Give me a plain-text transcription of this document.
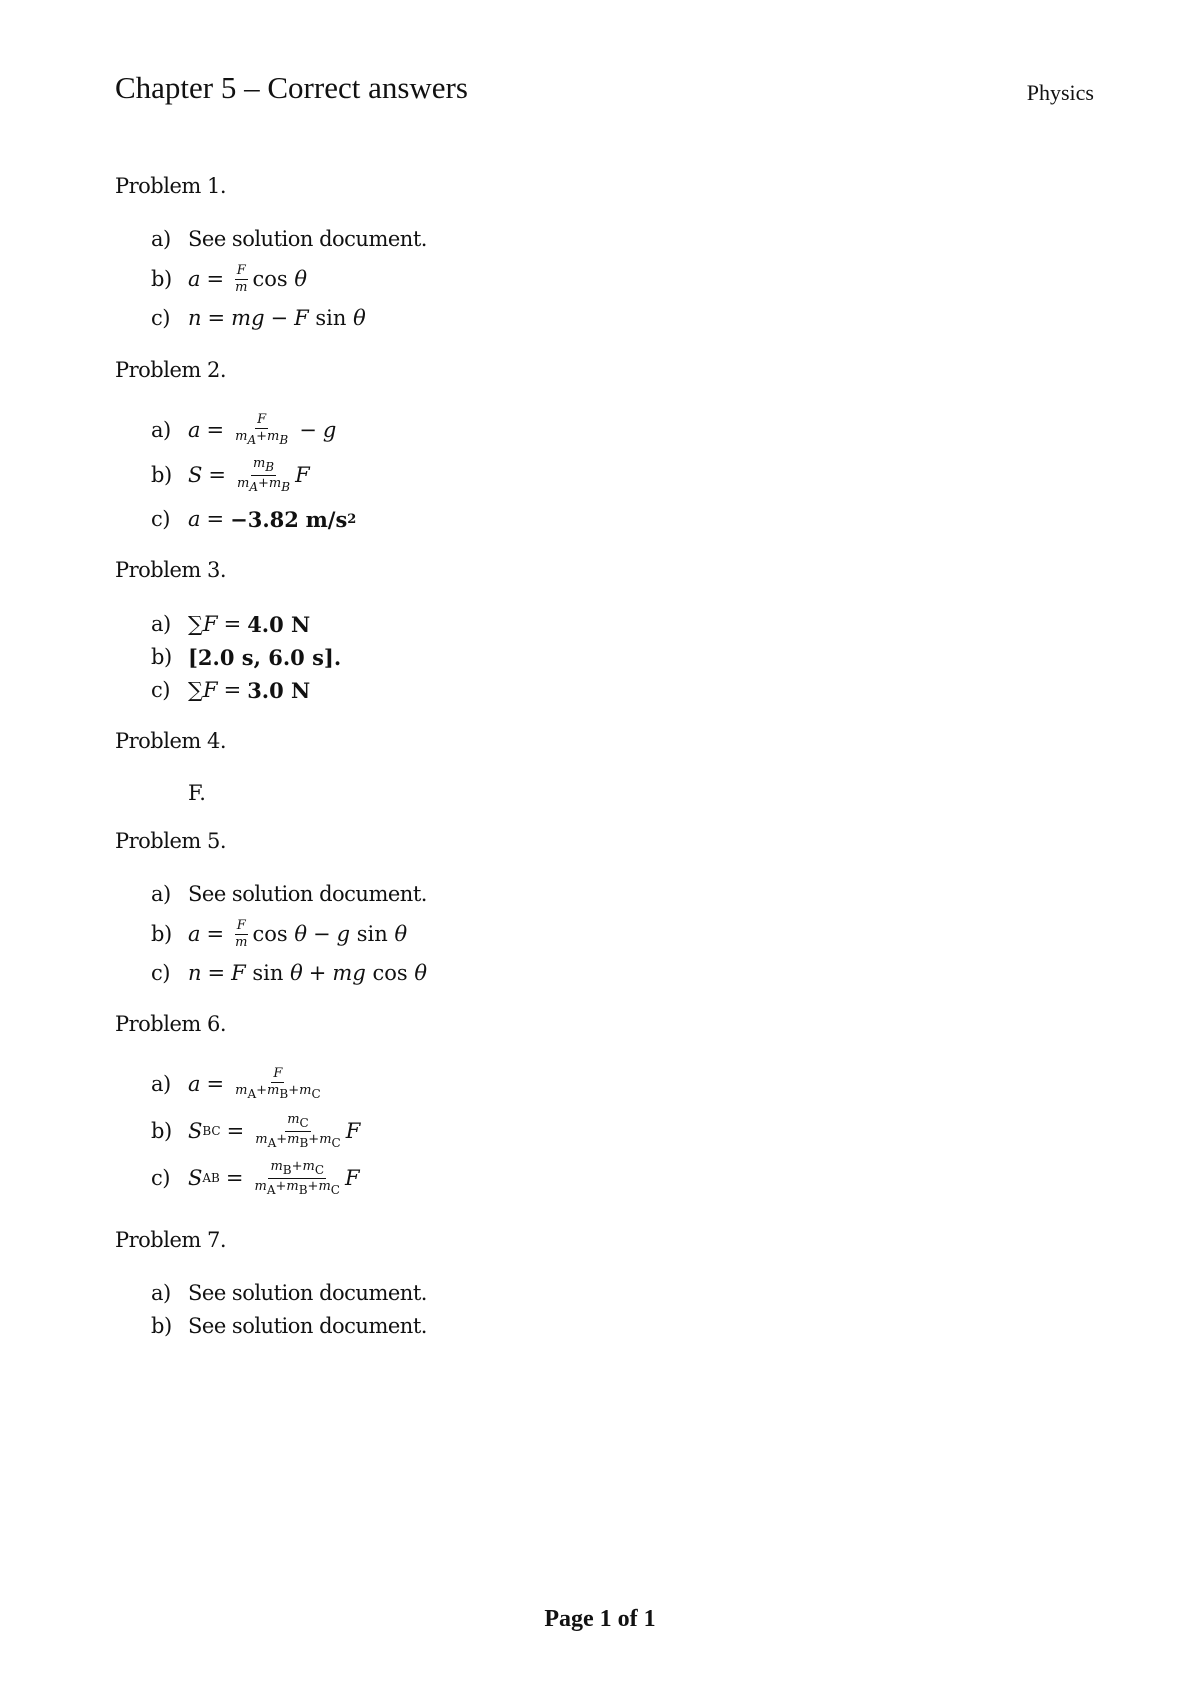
Chapter 5 – Correct answers	Physics
Problem 1.
a) See solution document.
b) $a = \frac{F}{m}$ cos
θ
c) n = m g − F
sin
θ
Problem 2.
a) $a = \frac{F}{m_A+m_B} - g$
b) $S = \frac{m_B}{m_A+m_B}$ F
c) a = −3.82
m/s 2
Problem 3.
a) ∑ F = 4.0 N
b) [2.0 s, 6.0 s].
c) ∑ F = 3.0 N
Problem 4.
F.
Problem 5.
a) See solution document.
b) $a = \frac{F}{m}$ cos
θ − g
sin
θ
c) n = F
sin
θ + m g
cos
θ
Problem 6.
a) $a = \frac{F}{m_A+m_B+m_C}$
b) S BC = $\frac{m_C}{m_A+m_B+m_C}$ F
c) S AB = $\frac{m_B+m_C}{m_A+m_B+m_C}$ F
Problem 7.
a) See solution document.
b) See solution document.
Page 1 of 1
